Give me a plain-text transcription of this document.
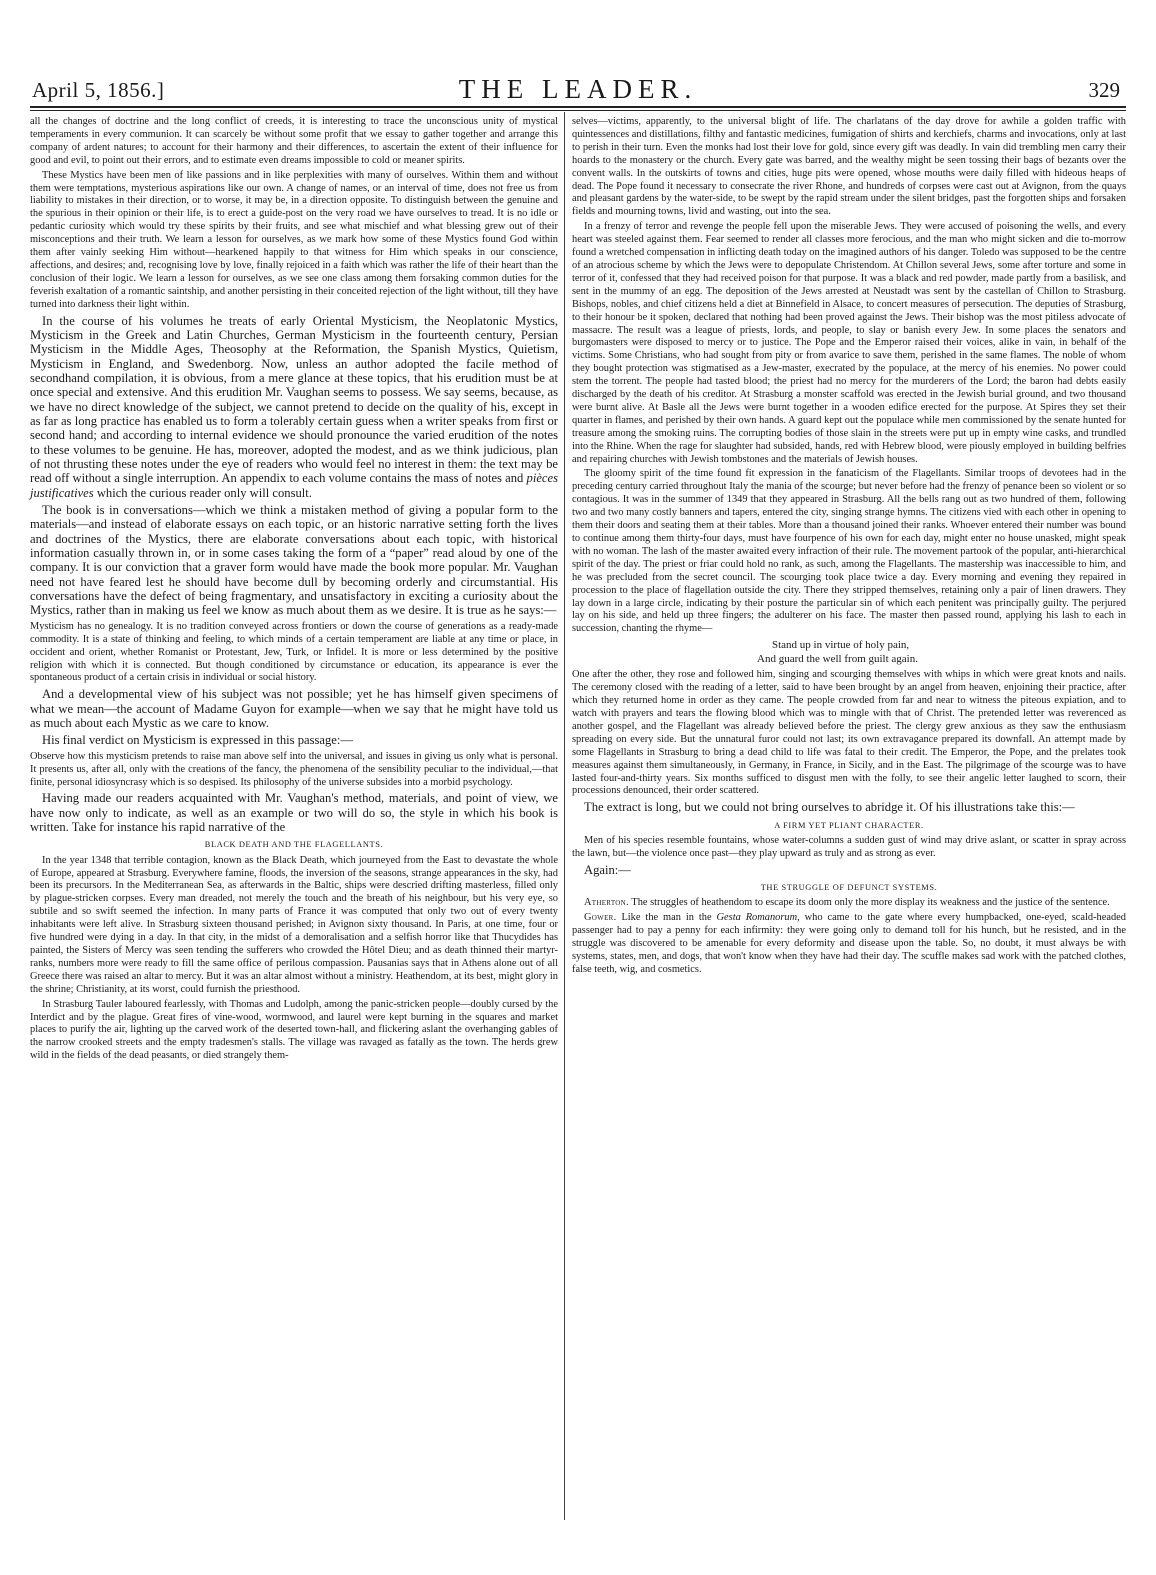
April 5, 1856.]	THE LEADER.	329

all the changes of doctrine and the long conflict of creeds, it is interesting to trace the unconscious unity of mystical temperaments in every communion. It can scarcely be without some profit that we essay to gather together and arrange this company of ardent natures; to account for their harmony and their differences, to ascertain the extent of their influence for good and evil, to point out their errors, and to estimate even dreams impossible to cold or meaner spirits.

These Mystics have been men of like passions and in like perplexities with many of ourselves. Within them and without them were temptations, mysterious aspirations like our own. A change of names, or an interval of time, does not free us from liability to mistakes in their direction, or to worse, it may be, in a direction opposite. To distinguish between the genuine and the spurious in their opinion or their life, is to erect a guide-post on the very road we have ourselves to tread. It is no idle or pedantic curiosity which would try these spirits by their fruits, and see what mischief and what blessing grew out of their misconceptions and their truth. We learn a lesson for ourselves, as we mark how some of these Mystics found God within them after vainly seeking Him without—hearkened happily to that witness for Him which speaks in our conscience, affections, and desires; and, recognising love by love, finally rejoiced in a faith which was rather the life of their heart than the conclusion of their logic. We learn a lesson for ourselves, as we see one class among them forsaking common duties for the feverish exaltation of a romantic saintship, and another persisting in their conceited rejection of the light without, till they have turned into darkness their light within.

In the course of his volumes he treats of early Oriental Mysticism, the Neoplatonic Mystics, Mysticism in the Greek and Latin Churches, German Mysticism in the fourteenth century, Persian Mysticism in the Middle Ages, Theosophy at the Reformation, the Spanish Mystics, Quietism, Mysticism in England, and Swedenborg. Now, unless an author adopted the facile method of secondhand compilation, it is obvious, from a mere glance at these topics, that his erudition must be at once special and extensive. And this erudition Mr. Vaughan seems to possess. We say seems, because, as we have no direct knowledge of the subject, we cannot pretend to decide on the quality of his, except in as far as long practice has enabled us to form a tolerably certain guess when a writer speaks from first or second hand; and according to internal evidence we should pronounce the varied erudition of the notes to these volumes to be genuine. He has, moreover, adopted the modest, and as we think judicious, plan of not thrusting these notes under the eye of readers who would feel no interest in them: the text may be read off without a single interruption. An appendix to each volume contains the mass of notes and pièces justificatives which the curious reader only will consult.

The book is in conversations—which we think a mistaken method of giving a popular form to the materials—and instead of elaborate essays on each topic, or an historic narrative setting forth the lives and doctrines of the Mystics, there are elaborate conversations about each topic, with historical information casually thrown in, or in some cases taking the form of a “paper” read aloud by one of the company. It is our conviction that a graver form would have made the book more popular. Mr. Vaughan need not have feared lest he should have become dull by becoming orderly and circumstantial. His conversations have the defect of being fragmentary, and unsatisfactory in exciting a curiosity about the Mystics, rather than in making us feel we know as much about them as we desire. It is true as he says:—

Mysticism has no genealogy. It is no tradition conveyed across frontiers or down the course of generations as a ready-made commodity. It is a state of thinking and feeling, to which minds of a certain temperament are liable at any time or place, in occident and orient, whether Romanist or Protestant, Jew, Turk, or Infidel. It is more or less determined by the positive religion with which it is connected. But though conditioned by circumstance or education, its appearance is ever the spontaneous product of a certain crisis in individual or social history.

And a developmental view of his subject was not possible; yet he has himself given specimens of what we mean—the account of Madame Guyon for example—when we say that he might have told us as much about each Mystic as we care to know.

His final verdict on Mysticism is expressed in this passage:—

Observe how this mysticism pretends to raise man above self into the universal, and issues in giving us only what is personal. It presents us, after all, only with the creations of the fancy, the phenomena of the sensibility peculiar to the individual,—that finite, personal idiosyncrasy which is so despised. Its philosophy of the universe subsides into a morbid psychology.

Having made our readers acquainted with Mr. Vaughan's method, materials, and point of view, we have now only to indicate, as well as an example or two will do so, the style in which his book is written. Take for instance his rapid narrative of the

BLACK DEATH AND THE FLAGELLANTS.

In the year 1348 that terrible contagion, known as the Black Death, which journeyed from the East to devastate the whole of Europe, appeared at Strasburg. Everywhere famine, floods, the inversion of the seasons, strange appearances in the sky, had been its precursors. In the Mediterranean Sea, as afterwards in the Baltic, ships were descried drifting masterless, filled only by plague-stricken corpses. Every man dreaded, not merely the touch and the breath of his neighbour, but his very eye, so subtile and so swift seemed the infection. In many parts of France it was computed that only two out of every twenty inhabitants were left alive. In Strasburg sixteen thousand perished; in Avignon sixty thousand. In Paris, at one time, four or five hundred were dying in a day. In that city, in the midst of a demoralisation and a selfish horror like that Thucydides has painted, the Sisters of Mercy was seen tending the sufferers who crowded the Hôtel Dieu; and as death thinned their martyr-ranks, numbers more were ready to fill the same office of perilous compassion. Pausanias says that in Athens alone out of all Greece there was raised an altar to mercy. But it was an altar almost without a ministry. Heathendom, at its best, might glory in the shrine; Christianity, at its worst, could furnish the priesthood.

In Strasburg Tauler laboured fearlessly, with Thomas and Ludolph, among the panic-stricken people—doubly cursed by the Interdict and by the plague. Great fires of vine-wood, wormwood, and laurel were kept burning in the squares and market places to purify the air, lighting up the carved work of the deserted town-hall, and flickering aslant the overhanging gables of the narrow crooked streets and the empty tradesmen's stalls. The village was ravaged as fatally as the town. The herds grew wild in the fields of the dead peasants, or died strangely them-

selves—victims, apparently, to the universal blight of life. The charlatans of the day drove for awhile a golden traffic with quintessences and distillations, filthy and fantastic medicines, fumigation of shirts and kerchiefs, charms and invocations, only at last to perish in their turn. Even the monks had lost their love for gold, since every gift was deadly. In vain did trembling men carry their hoards to the monastery or the church. Every gate was barred, and the wealthy might be seen tossing their bags of bezants over the convent walls. In the outskirts of towns and cities, huge pits were opened, whose mouths were daily filled with hideous heaps of dead. The Pope found it necessary to consecrate the river Rhone, and hundreds of corpses were cast out at Avignon, from the quays and pleasant gardens by the water-side, to be swept by the rapid stream under the silent bridges, past the forgotten ships and forsaken fields and mourning towns, livid and wasting, out into the sea.

In a frenzy of terror and revenge the people fell upon the miserable Jews. They were accused of poisoning the wells, and every heart was steeled against them. Fear seemed to render all classes more ferocious, and the man who might sicken and die to-morrow found a wretched compensation in inflicting death today on the imagined authors of his danger. Toledo was supposed to be the centre of an atrocious scheme by which the Jews were to depopulate Christendom. At Chillon several Jews, some after torture and some in terror of it, confessed that they had received poison for that purpose. It was a black and red powder, made partly from a basilisk, and sent in the mummy of an egg. The deposition of the Jews arrested at Neustadt was sent by the castellan of Chillon to Strasburg. Bishops, nobles, and chief citizens held a diet at Binnefield in Alsace, to concert measures of persecution. The deputies of Strasburg, to their honour be it spoken, declared that nothing had been proved against the Jews. Their bishop was the most pitiless advocate of massacre. The result was a league of priests, lords, and people, to slay or banish every Jew. In some places the senators and burgomasters were disposed to mercy or to justice. The Pope and the Emperor raised their voices, alike in vain, in behalf of the victims. Some Christians, who had sought from pity or from avarice to save them, perished in the same flames. The noble of whom they bought protection was stigmatised as a Jew-master, execrated by the populace, at the mercy of his enemies. No power could stem the torrent. The people had tasted blood; the priest had no mercy for the murderers of the Lord; the baron had debts easily discharged by the death of his creditor. At Strasburg a monster scaffold was erected in the Jewish burial ground, and two thousand were burnt alive. At Basle all the Jews were burnt together in a wooden edifice erected for the purpose. At Spires they set their quarter in flames, and perished by their own hands. A guard kept out the populace while men commissioned by the senate hunted for treasure among the smoking ruins. The corrupting bodies of those slain in the streets were put up in empty wine casks, and trundled into the Rhine. When the rage for slaughter had subsided, hands, red with Hebrew blood, were piously employed in building belfries and repairing churches with Jewish tombstones and the materials of Jewish houses.

The gloomy spirit of the time found fit expression in the fanaticism of the Flagellants. Similar troops of devotees had in the preceding century carried throughout Italy the mania of the scourge; but never before had the frenzy of penance been so violent or so contagious. It was in the summer of 1349 that they appeared in Strasburg. All the bells rang out as two hundred of them, following two and two many costly banners and tapers, entered the city, singing strange hymns. The citizens vied with each other in opening to them their doors and seating them at their tables. More than a thousand joined their ranks. Whoever entered their number was bound to continue among them thirty-four days, must have fourpence of his own for each day, might enter no house unasked, might speak with no woman. The lash of the master awaited every infraction of their rule. The movement partook of the popular, anti-hierarchical spirit of the day. The priest or friar could hold no rank, as such, among the Flagellants. The mastership was inaccessible to him, and he was precluded from the secret council. The scourging took place twice a day. Every morning and evening they repaired in procession to the place of flagellation outside the city. There they stripped themselves, retaining only a pair of linen drawers. They lay down in a large circle, indicating by their posture the particular sin of which each penitent was principally guilty. The perjured lay on his side, and held up three fingers; the adulterer on his face. The master then passed round, applying his lash to each in succession, chanting the rhyme—

Stand up in virtue of holy pain,
And guard the well from guilt again.

One after the other, they rose and followed him, singing and scourging themselves with whips in which were great knots and nails. The ceremony closed with the reading of a letter, said to have been brought by an angel from heaven, enjoining their practice, after which they returned home in order as they came. The people crowded from far and near to witness the piteous expiation, and to watch with prayers and tears the flowing blood which was to mingle with that of Christ. The pretended letter was reverenced as another gospel, and the Flagellant was already believed before the priest. The clergy grew anxious as they saw the enthusiasm spreading on every side. But the unnatural furor could not last; its own extravagance prepared its downfall. An attempt made by some Flagellants in Strasburg to bring a dead child to life was fatal to their credit. The Emperor, the Pope, and the prelates took measures against them simultaneously, in Germany, in France, in Sicily, and in the East. The pilgrimage of the scourge was to have lasted four-and-thirty years. Six months sufficed to disgust men with the folly, to see their angelic letter laughed to scorn, their processions denounced, their order scattered.

The extract is long, but we could not bring ourselves to abridge it. Of his illustrations take this:—

A FIRM YET PLIANT CHARACTER.

Men of his species resemble fountains, whose water-columns a sudden gust of wind may drive aslant, or scatter in spray across the lawn, but—the violence once past—they play upward as truly and as strong as ever.

Again:—

THE STRUGGLE OF DEFUNCT SYSTEMS.

Atherton. The struggles of heathendom to escape its doom only the more display its weakness and the justice of the sentence.

Gower. Like the man in the Gesta Romanorum, who came to the gate where every humpbacked, one-eyed, scald-headed passenger had to pay a penny for each infirmity: they were going only to demand toll for his hunch, but he resisted, and in the struggle was discovered to be amenable for every deformity and disease upon the table. So, no doubt, it must always be with systems, states, men, and dogs, that won't know when they have had their day. The scuffle makes sad work with the patched clothes, false teeth, wig, and cosmetics.
